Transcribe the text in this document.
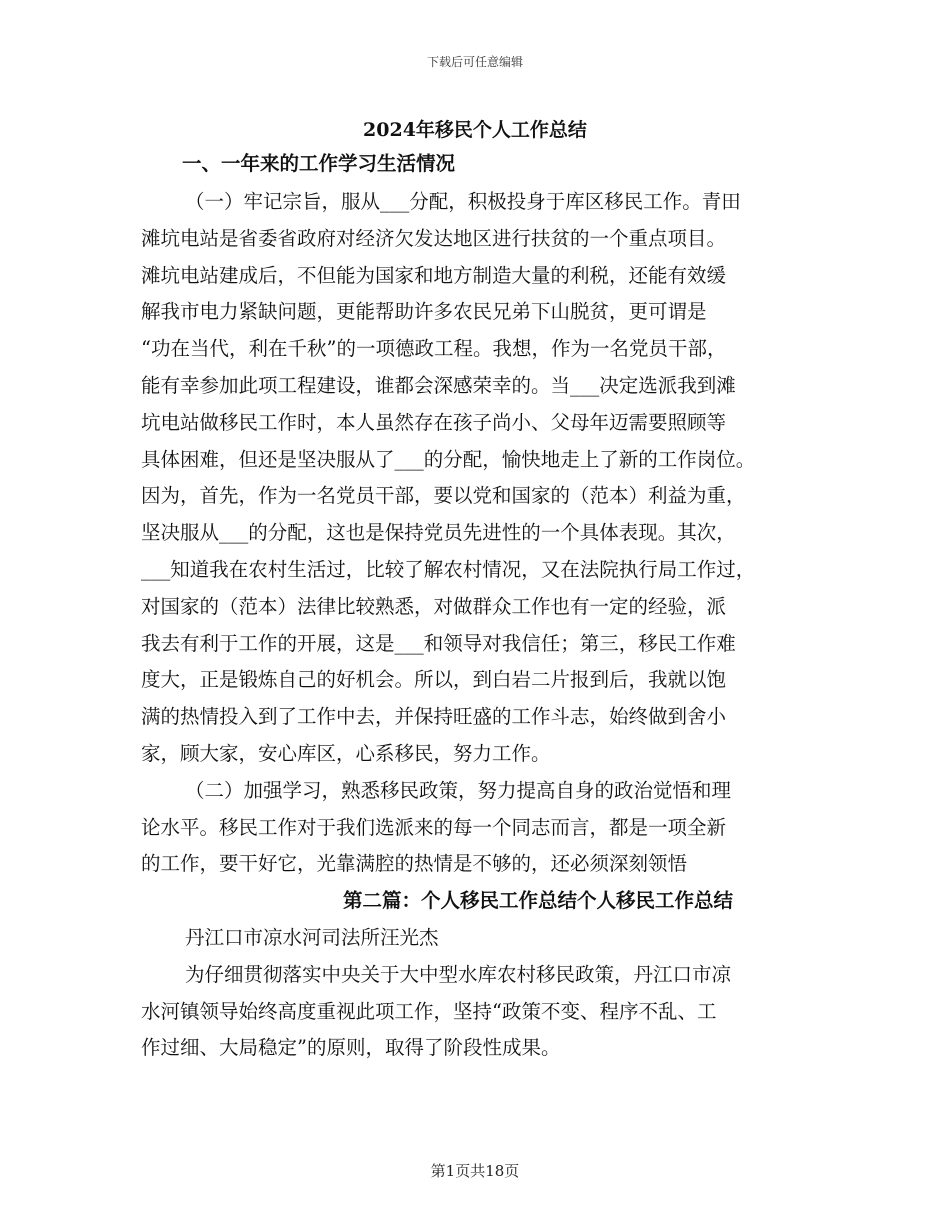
下载后可任意编辑
2024年移民个人工作总结
一、一年来的工作学习生活情况

（一）牢记宗旨，服从___分配，积极投身于库区移民工作。青田

滩坑电站是省委省政府对经济欠发达地区进行扶贫的一个重点项目。

滩坑电站建成后，不但能为国家和地方制造大量的利税，还能有效缓

解我市电力紧缺问题，更能帮助许多农民兄弟下山脱贫，更可谓是

“功在当代，利在千秋”的一项德政工程。我想，作为一名党员干部，

能有幸参加此项工程建设，谁都会深感荣幸的。当___决定选派我到滩

坑电站做移民工作时，本人虽然存在孩子尚小、父母年迈需要照顾等

具体困难，但还是坚决服从了___的分配，愉快地走上了新的工作岗位。

因为，首先，作为一名党员干部，要以党和国家的（范本）利益为重，

坚决服从___的分配，这也是保持党员先进性的一个具体表现。其次，

___知道我在农村生活过，比较了解农村情况，又在法院执行局工作过，

对国家的（范本）法律比较熟悉，对做群众工作也有一定的经验，派

我去有利于工作的开展，这是___和领导对我信任；第三，移民工作难

度大，正是锻炼自己的好机会。所以，到白岩二片报到后，我就以饱

满的热情投入到了工作中去，并保持旺盛的工作斗志，始终做到舍小

家，顾大家，安心库区，心系移民，努力工作。

（二）加强学习，熟悉移民政策，努力提高自身的政治觉悟和理

论水平。移民工作对于我们选派来的每一个同志而言，都是一项全新

的工作，要干好它，光靠满腔的热情是不够的，还必须深刻领悟

第二篇：个人移民工作总结个人移民工作总结

丹江口市凉水河司法所汪光杰

为仔细贯彻落实中央关于大中型水库农村移民政策，丹江口市凉

水河镇领导始终高度重视此项工作，坚持“政策不变、程序不乱、工

作过细、大局稳定”的原则，取得了阶段性成果。

第1页共18页
